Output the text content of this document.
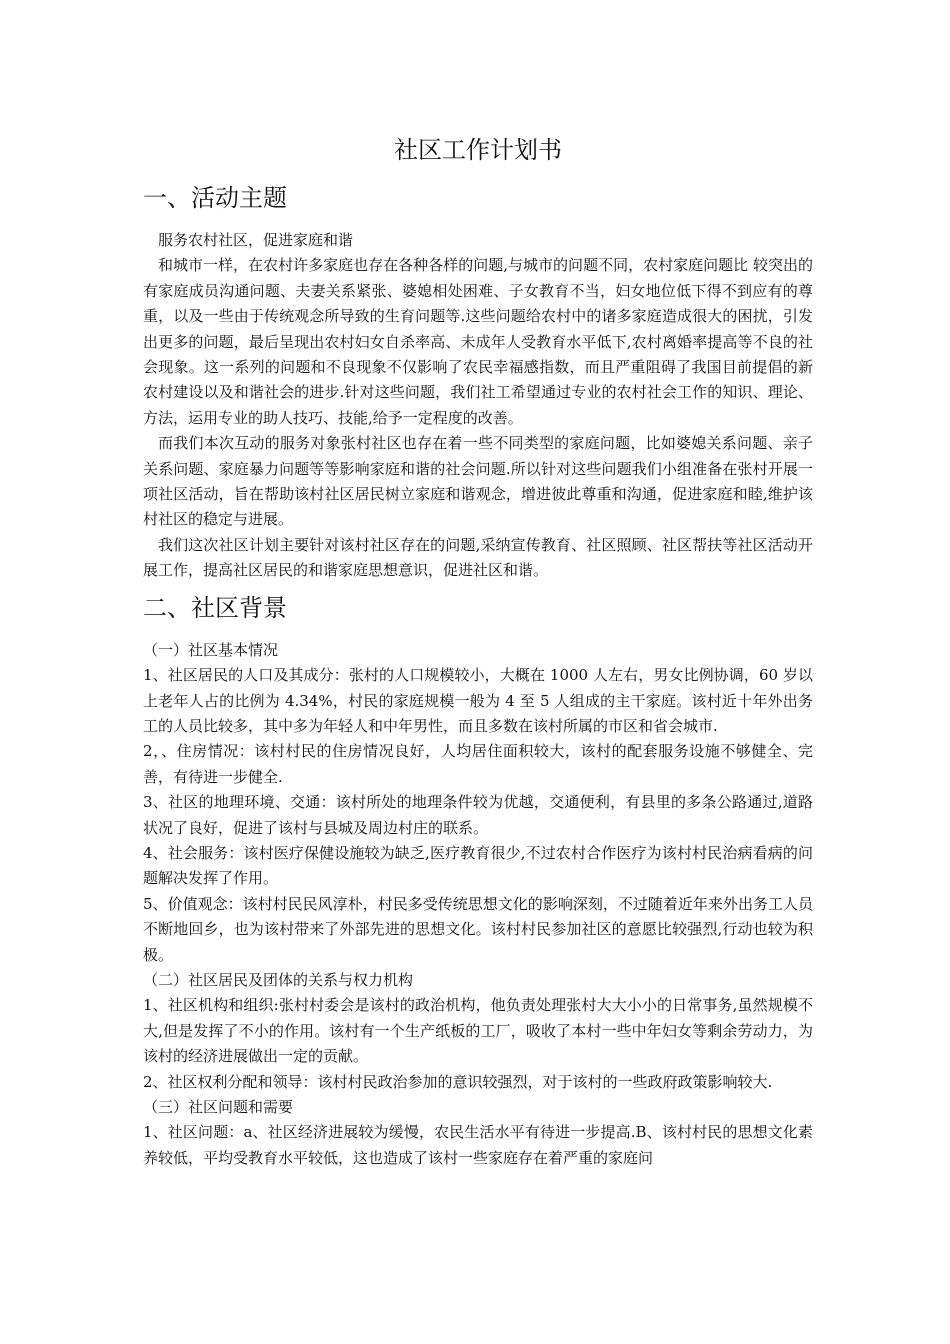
社区工作计划书
一、活动主题

服务农村社区，促进家庭和谐

和城市一样，在农村许多家庭也存在各种各样的问题,与城市的问题不同，农村家庭问题比 较突出的有家庭成员沟通问题、夫妻关系紧张、婆媳相处困难、子女教育不当，妇女地位低下得不到应有的尊重，以及一些由于传统观念所导致的生育问题等.这些问题给农村中的诸多家庭造成很大的困扰，引发出更多的问题，最后呈现出农村妇女自杀率高、未成年人受教育水平低下,农村离婚率提高等不良的社会现象。这一系列的问题和不良现象不仅影响了农民幸福感指数，而且严重阻碍了我国目前提倡的新农村建设以及和谐社会的进步.针对这些问题，我们社工希望通过专业的农村社会工作的知识、理论、方法，运用专业的助人技巧、技能,给予一定程度的改善。

而我们本次互动的服务对象张村社区也存在着一些不同类型的家庭问题，比如婆媳关系问题、亲子关系问题、家庭暴力问题等等影响家庭和谐的社会问题.所以针对这些问题我们小组准备在张村开展一项社区活动，旨在帮助该村社区居民树立家庭和谐观念，增进彼此尊重和沟通，促进家庭和睦,维护该村社区的稳定与进展。

我们这次社区计划主要针对该村社区存在的问题,采纳宣传教育、社区照顾、社区帮扶等社区活动开展工作，提高社区居民的和谐家庭思想意识，促进社区和谐。

二、社区背景

（一）社区基本情况

1、社区居民的人口及其成分：张村的人口规模较小，大概在 1000 人左右，男女比例协调，60 岁以上老年人占的比例为 4.34%，村民的家庭规模一般为 4 至 5 人组成的主干家庭。该村近十年外出务工的人员比较多，其中多为年轻人和中年男性，而且多数在该村所属的市区和省会城市.

2，、住房情况：该村村民的住房情况良好，人均居住面积较大，该村的配套服务设施不够健全、完善，有待进一步健全.

3、社区的地理环境、交通：该村所处的地理条件较为优越，交通便利，有县里的多条公路通过,道路状况了良好，促进了该村与县城及周边村庄的联系。

4、社会服务：该村医疗保健设施较为缺乏,医疗教育很少,不过农村合作医疗为该村村民治病看病的问题解决发挥了作用。

5、价值观念：该村村民民风淳朴，村民多受传统思想文化的影响深刻，不过随着近年来外出务工人员不断地回乡，也为该村带来了外部先进的思想文化。该村村民参加社区的意愿比较强烈,行动也较为积极。

（二）社区居民及团体的关系与权力机构

1、社区机构和组织:张村村委会是该村的政治机构，他负责处理张村大大小小的日常事务,虽然规模不大,但是发挥了不小的作用。该村有一个生产纸板的工厂，吸收了本村一些中年妇女等剩余劳动力，为该村的经济进展做出一定的贡献。

2、社区权利分配和领导：该村村民政治参加的意识较强烈，对于该村的一些政府政策影响较大.

（三）社区问题和需要

1、社区问题：a、社区经济进展较为缓慢，农民生活水平有待进一步提高.B、该村村民的思想文化素养较低，平均受教育水平较低，这也造成了该村一些家庭存在着严重的家庭问
